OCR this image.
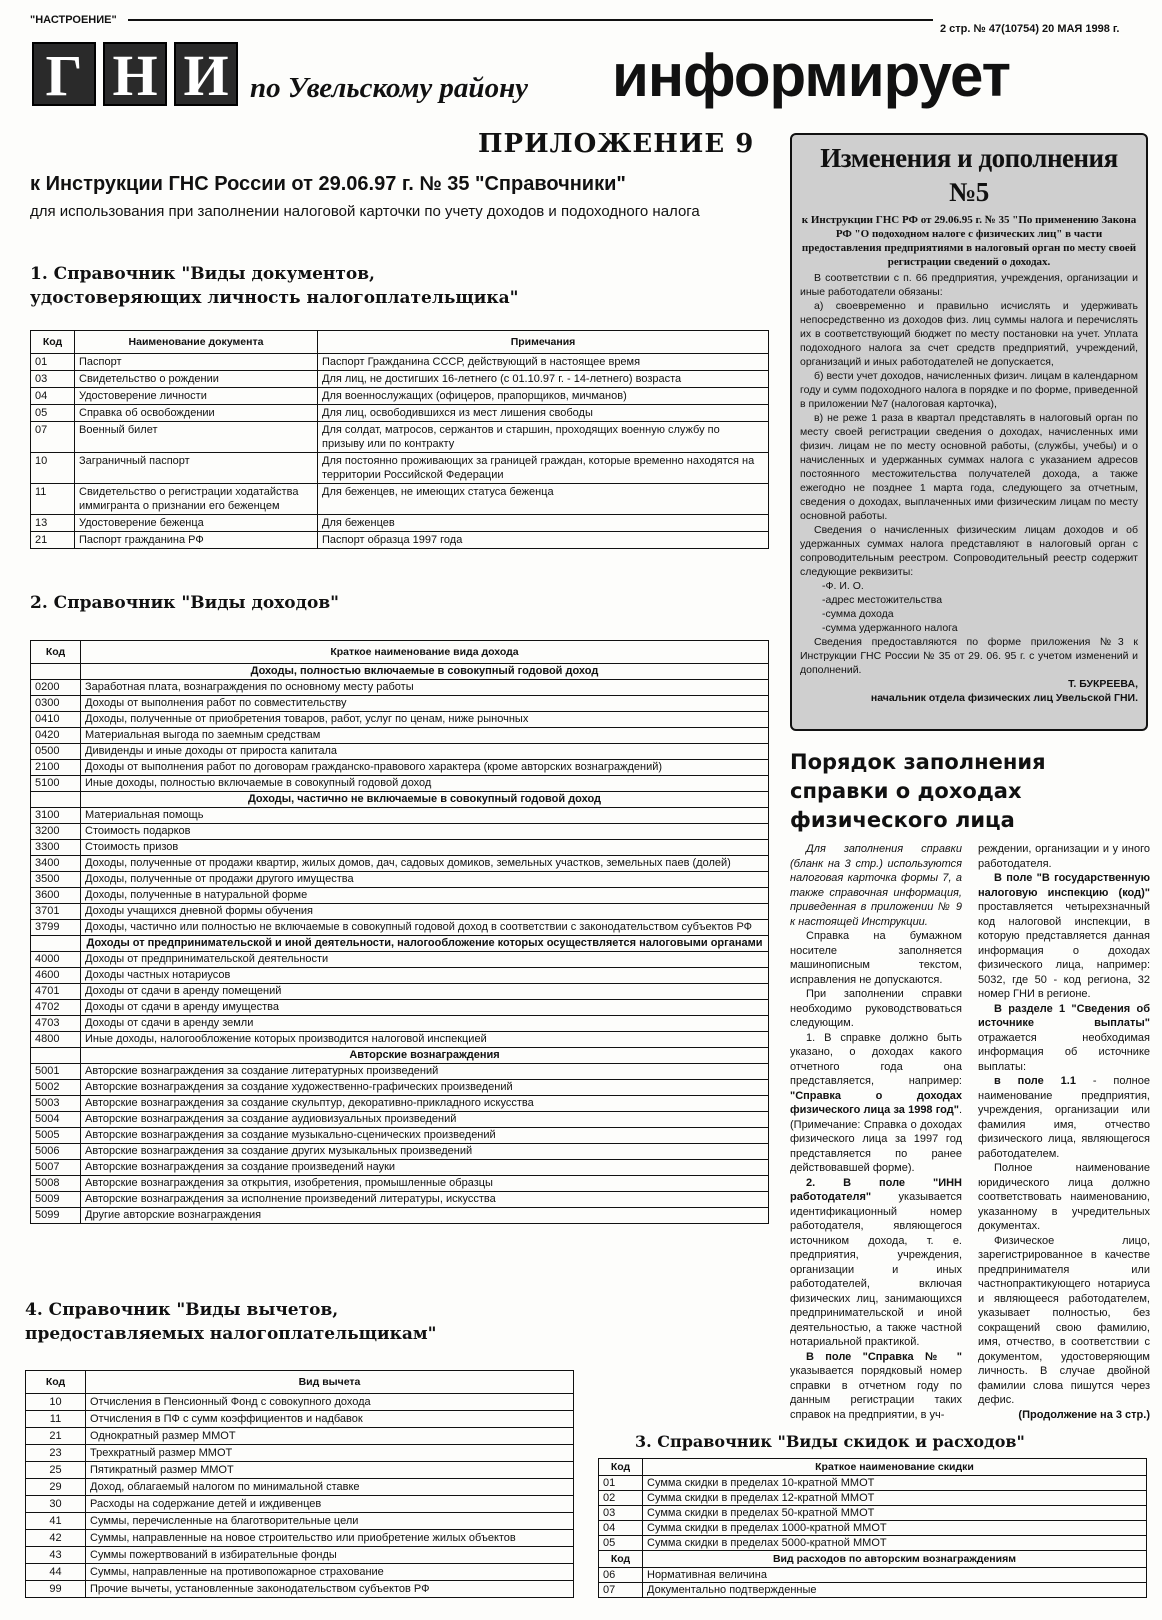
"НАСТРОЕНИЕ"
2 стр. № 47(10754) 20 МАЯ 1998 г.
Г Н И по Увельскому району информирует
ПРИЛОЖЕНИЕ 9
к Инструкции ГНС России от 29.06.97 г. № 35 "Справочники"
для использования при заполнении налоговой карточки по учету доходов и подоходного налога
1. Справочник "Виды документов,
удостоверяющих личность налогоплательщика"
Код	Наименование документа	Примечания
01	Паспорт	Паспорт Гражданина СССР, действующий в настоящее время
03	Свидетельство о рождении	Для лиц, не достигших 16-летнего (с 01.10.97 г. - 14-летнего) возраста
04	Удостоверение личности	Для военнослужащих (офицеров, прапорщиков, мичманов)
05	Справка об освобождении	Для лиц, освободившихся из мест лишения свободы
07	Военный билет	Для солдат, матросов, сержантов и старшин, проходящих военную службу по призыву или по контракту
10	Заграничный паспорт	Для постоянно проживающих за границей граждан, которые временно находятся на территории Российской Федерации
11	Свидетельство о регистрации ходатайства иммигранта о признании его беженцем	Для беженцев, не имеющих статуса беженца
13	Удостоверение беженца	Для беженцев
21	Паспорт гражданина РФ	Паспорт образца 1997 года
2. Справочник "Виды доходов"
Код	Краткое наименование вида дохода
	Доходы, полностью включаемые в совокупный годовой доход
0200	Заработная плата, вознаграждения по основному месту работы
0300	Доходы от выполнения работ по совместительству
0410	Доходы, полученные от приобретения товаров, работ, услуг по ценам, ниже рыночных
0420	Материальная выгода по заемным средствам
0500	Дивиденды и иные доходы от прироста капитала
2100	Доходы от выполнения работ по договорам гражданско-правового характера (кроме авторских вознаграждений)
5100	Иные доходы, полностью включаемые в совокупный годовой доход
	Доходы, частично не включаемые в совокупный годовой доход
3100	Материальная помощь
3200	Стоимость подарков
3300	Стоимость призов
3400	Доходы, полученные от продажи квартир, жилых домов, дач, садовых домиков, земельных участков, земельных паев (долей)
3500	Доходы, полученные от продажи другого имущества
3600	Доходы, полученные в натуральной форме
3701	Доходы учащихся дневной формы обучения
3799	Доходы, частично или полностью не включаемые в совокупный годовой доход в соответствии с законодательством субъектов РФ
	Доходы от предпринимательской и иной деятельности, налогообложение которых осуществляется налоговыми органами
4000	Доходы от предпринимательской деятельности
4600	Доходы частных нотариусов
4701	Доходы от сдачи в аренду помещений
4702	Доходы от сдачи в аренду имущества
4703	Доходы от сдачи в аренду земли
4800	Иные доходы, налогообложение которых производится налоговой инспекцией
	Авторские вознаграждения
5001	Авторские вознаграждения за создание литературных произведений
5002	Авторские вознаграждения за создание художественно-графических произведений
5003	Авторские вознаграждения за создание скульптур, декоративно-прикладного искусства
5004	Авторские вознаграждения за создание аудиовизуальных произведений
5005	Авторские вознаграждения за создание музыкально-сценических произведений
5006	Авторские вознаграждения за создание других музыкальных произведений
5007	Авторские вознаграждения за создание произведений науки
5008	Авторские вознаграждения за открытия, изобретения, промышленные образцы
5009	Авторские вознаграждения за исполнение произведений литературы, искусства
5099	Другие авторские вознаграждения
4. Справочник "Виды вычетов,
предоставляемых налогоплательщикам"
Код	Вид вычета
10	Отчисления в Пенсионный Фонд с совокупного дохода
11	Отчисления в ПФ с сумм коэффициентов и надбавок
21	Однократный размер ММОТ
23	Трехкратный размер ММОТ
25	Пятикратный размер ММОТ
29	Доход, облагаемый налогом по минимальной ставке
30	Расходы на содержание детей и иждивенцев
41	Суммы, перечисленные на благотворительные цели
42	Суммы, направленные на новое строительство или приобретение жилых объектов
43	Суммы пожертвований в избирательные фонды
44	Суммы, направленные на противопожарное страхование
99	Прочие вычеты, установленные законодательством субъектов РФ
3. Справочник "Виды скидок и расходов"
Код	Краткое наименование скидки
01	Сумма скидки в пределах 10-кратной ММОТ
02	Сумма скидки в пределах 12-кратной ММОТ
03	Сумма скидки в пределах 50-кратной ММОТ
04	Сумма скидки в пределах 1000-кратной ММОТ
05	Сумма скидки в пределах 5000-кратной ММОТ
Код	Вид расходов по авторским вознаграждениям
06	Нормативная величина
07	Документально подтвержденные
Изменения и дополнения №5
к Инструкции ГНС РФ от 29.06.95 г. № 35 "По применению Закона РФ "О подоходном налоге с физических лиц" в части предоставления предприятиями в налоговый орган по месту своей регистрации сведений о доходах.

В соответствии с п. 66 предприятия, учреждения, организации и иные работодатели обязаны:

а) своевременно и правильно исчислять и удерживать непосредственно из доходов физ. лиц суммы налога и перечислять их в соответствующий бюджет по месту постановки на учет. Уплата подоходного налога за счет средств предприятий, учреждений, организаций и иных работодателей не допускается,

б) вести учет доходов, начисленных физич. лицам в календарном году и сумм подоходного налога в порядке и по форме, приведенной в приложении №7 (налоговая карточка),

в) не реже 1 раза в квартал представлять в налоговый орган по месту своей регистрации сведения о доходах, начисленных ими физич. лицам не по месту основной работы, (службы, учебы) и о начисленных и удержанных суммах налога с указанием адресов постоянного местожительства получателей дохода, а также ежегодно не позднее 1 марта года, следующего за отчетным, сведения о доходах, выплаченных ими физическим лицам по месту основной работы.

Сведения о начисленных физическим лицам доходов и об удержанных суммах налога представляют в налоговый орган с сопроводительным реестром. Сопроводительный реестр содержит следующие реквизиты:

-Ф. И. О.
-адрес местожительства
-сумма дохода
-сумма удержанного налога

Сведения предоставляются по форме приложения №3 к Инструкции ГНС России № 35 от 29. 06. 95 г. с учетом изменений и дополнений.

Т. БУКРЕЕВА,
начальник отдела физических лиц Увельской ГНИ.
Порядок заполнения
справки о доходах
физического лица

Для заполнения справки (бланк на 3 стр.) используются налоговая карточка формы 7, а также справочная информация, приведенная в приложении № 9 к настоящей Инструкции.

Справка на бумажном носителе заполняется машинописным текстом, исправления не допускаются.

При заполнении справки необходимо руководствоваться следующим.

1. В справке должно быть указано, о доходах какого отчетного года она представляется, например: "Справка о доходах физического лица за 1998 год". (Примечание: Справка о доходах физического лица за 1997 год представляется по ранее действовавшей форме).

2. В поле "ИНН работодателя" указывается идентификационный номер работодателя, являющегося источником дохода, т. е. предприятия, учреждения, организации и иных работодателей, включая физических лиц, занимающихся предпринимательской и иной деятельностью, а также частной нотариальной практикой.

В поле "Справка № " указывается порядковый номер справки в отчетном году по данным регистрации таких справок на предприятии, в уч-

реждении, организации и у иного работодателя.

В поле "В государственную налоговую инспекцию (код)" проставляется четырехзначный код налоговой инспекции, в которую представляется данная информация о доходах физического лица, например: 5032, где 50 - код региона, 32 номер ГНИ в регионе.

В разделе 1 "Сведения об источнике выплаты" отражается необходимая информация об источнике выплаты:

в поле 1.1 - полное наименование предприятия, учреждения, организации или фамилия имя, отчество физического лица, являющегося работодателем.

Полное наименование юридического лица должно соответствовать наименованию, указанному в учредительных документах.

Физическое лицо, зарегистрированное в качестве предпринимателя или частнопрактикующего нотариуса и являющееся работодателем, указывает полностью, без сокращений свою фамилию, имя, отчество, в соответствии с документом, удостоверяющим личность. В случае двойной фамилии слова пишутся через дефис.

(Продолжение на 3 стр.)
